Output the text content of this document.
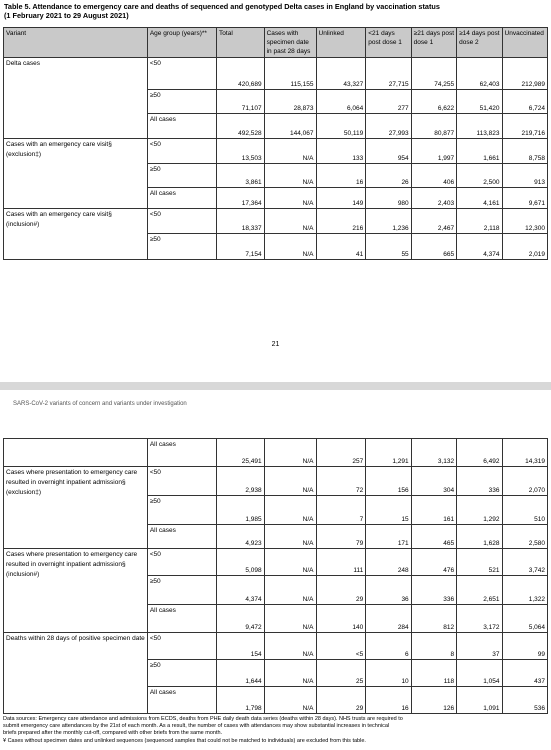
Table 5. Attendance to emergency care and deaths of sequenced and genotyped Delta cases in England by vaccination status
(1 February 2021 to 29 August 2021)
Variant	Age group (years)**	Total	Cases with specimen date in past 28 days	Unlinked	<21 days post dose 1	≥21 days post dose 1	≥14 days post dose 2	Unvaccinated
Delta cases	<50	420,689	115,155	43,327	27,715	74,255	62,403	212,989
	≥50	71,107	28,873	6,064	277	6,622	51,420	6,724
	All cases	492,528	144,067	50,119	27,993	80,877	113,823	219,716
Cases with an emergency care visit§ (exclusion‡)	<50	13,503	N/A	133	954	1,997	1,661	8,758
	≥50	3,861	N/A	16	26	406	2,500	913
	All cases	17,364	N/A	149	980	2,403	4,161	9,671
Cases with an emergency care visit§ (inclusion#)	<50	18,337	N/A	216	1,236	2,467	2,118	12,300
	≥50	7,154	N/A	41	55	665	4,374	2,019
21
SARS-CoV-2 variants of concern and variants under investigation
	All cases	25,491	N/A	257	1,291	3,132	6,492	14,319
Cases where presentation to emergency care resulted in overnight inpatient admission§ (exclusion‡)	<50	2,938	N/A	72	156	304	336	2,070
	≥50	1,985	N/A	7	15	161	1,292	510
	All cases	4,923	N/A	79	171	465	1,628	2,580
Cases where presentation to emergency care resulted in overnight inpatient admission§ (inclusion#)	<50	5,098	N/A	111	248	476	521	3,742
	≥50	4,374	N/A	29	36	336	2,651	1,322
	All cases	9,472	N/A	140	284	812	3,172	5,064
Deaths within 28 days of positive specimen date	<50	154	N/A	<5	6	8	37	99
	≥50	1,644	N/A	25	10	118	1,054	437
	All cases	1,798	N/A	29	16	126	1,091	536
Data sources: Emergency care attendance and admissions from ECDS, deaths from PHE daily death data series (deaths within 28 days). NHS trusts are required to
submit emergency care attendances by the 21st of each month. As a result, the number of cases with attendances may show substantial increases in technical
briefs prepared after the monthly cut-off, compared with other briefs from the same month.
¥ Cases without specimen dates and unlinked sequences (sequenced samples that could not be matched to individuals) are excluded from this table.
